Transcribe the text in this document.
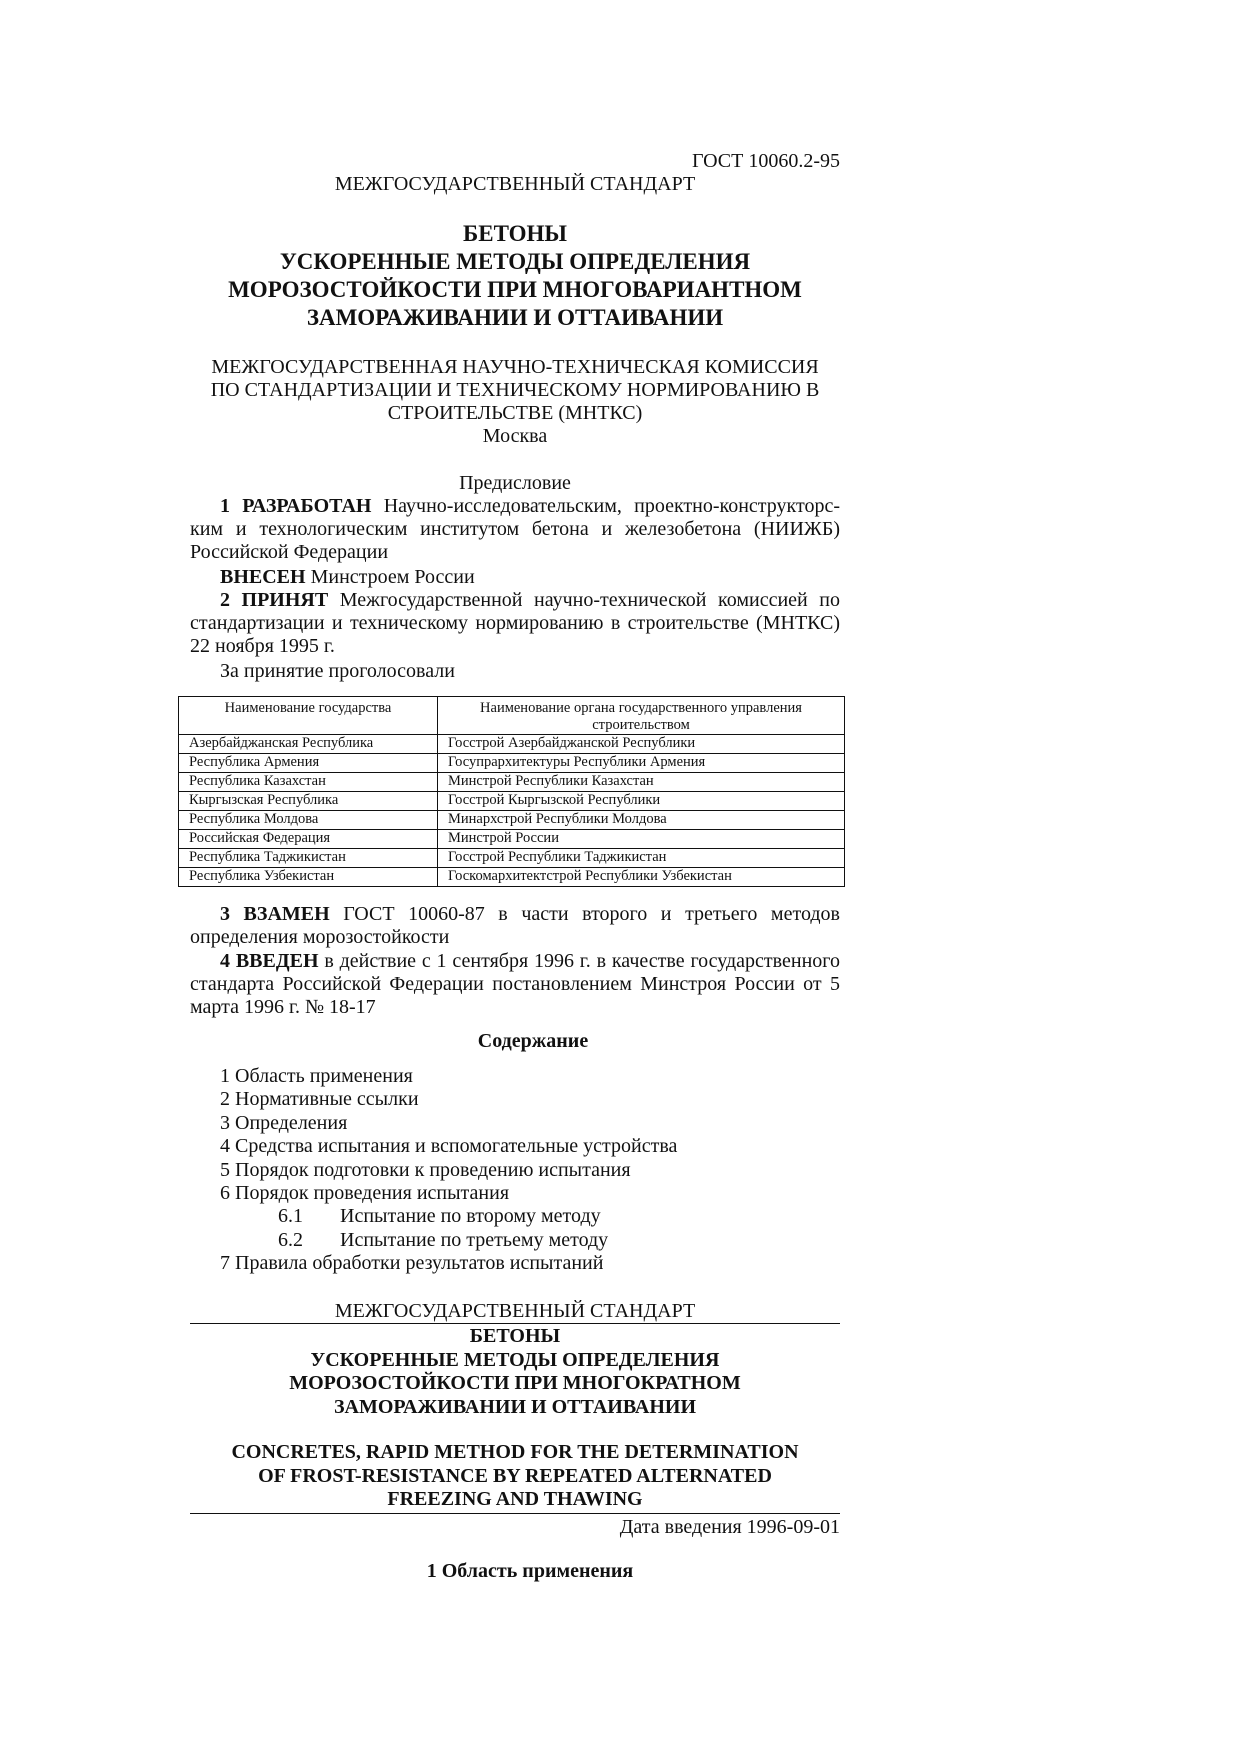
ГОСТ 10060.2-95
МЕЖГОСУДАРСТВЕННЫЙ СТАНДАРТ
БЕТОНЫ
УСКОРЕННЫЕ МЕТОДЫ ОПРЕДЕЛЕНИЯ
МОРОЗОСТОЙКОСТИ ПРИ МНОГОВАРИАНТНОМ
ЗАМОРАЖИВАНИИ И ОТТАИВАНИИ
МЕЖГОСУДАРСТВЕННАЯ НАУЧНО-ТЕХНИЧЕСКАЯ КОМИССИЯ
ПО СТАНДАРТИЗАЦИИ И ТЕХНИЧЕСКОМУ НОРМИРОВАНИЮ В
СТРОИТЕЛЬСТВЕ (МНТКС)
Москва
Предисловие
1 РАЗРАБОТАН Научно-исследовательским, проектно-конструкторским и технологическим институтом бетона и железобетона (НИИЖБ) Российской Федерации
ВНЕСЕН Минстроем России
2 ПРИНЯТ Межгосударственной научно-технической комиссией по стандартизации и техническому нормированию в строительстве (МНТКС) 22 ноября 1995 г.
За принятие проголосовали
Наименование государства	Наименование органа государственного управления строительством
Азербайджанская Республика	Госстрой Азербайджанской Республики
Республика Армения	Госупрархитектуры Республики Армения
Республика Казахстан	Минстрой Республики Казахстан
Кыргызская Республика	Госстрой Кыргызской Республики
Республика Молдова	Минархстрой Республики Молдова
Российская Федерация	Минстрой России
Республика Таджикистан	Госстрой Республики Таджикистан
Республика Узбекистан	Госкомархитектстрой Республики Узбекистан
3 ВЗАМЕН ГОСТ 10060-87 в части второго и третьего методов определения морозостойкости
4 ВВЕДЕН в действие с 1 сентября 1996 г. в качестве государственного стандарта Российской Федерации постановлением Минстроя России от 5 марта 1996 г. № 18-17
Содержание
1 Область применения
2 Нормативные ссылки
3 Определения
4 Средства испытания и вспомогательные устройства
5 Порядок подготовки к проведению испытания
6 Порядок проведения испытания
6.1 Испытание по второму методу
6.2 Испытание по третьему методу
7 Правила обработки результатов испытаний
МЕЖГОСУДАРСТВЕННЫЙ СТАНДАРТ
БЕТОНЫ
УСКОРЕННЫЕ МЕТОДЫ ОПРЕДЕЛЕНИЯ
МОРОЗОСТОЙКОСТИ ПРИ МНОГОКРАТНОМ
ЗАМОРАЖИВАНИИ И ОТТАИВАНИИ
CONCRETES, RAPID METHOD FOR THE DETERMINATION
OF FROST-RESISTANCE BY REPEATED ALTERNATED
FREEZING AND THAWING
Дата введения 1996-09-01
1 Область применения
